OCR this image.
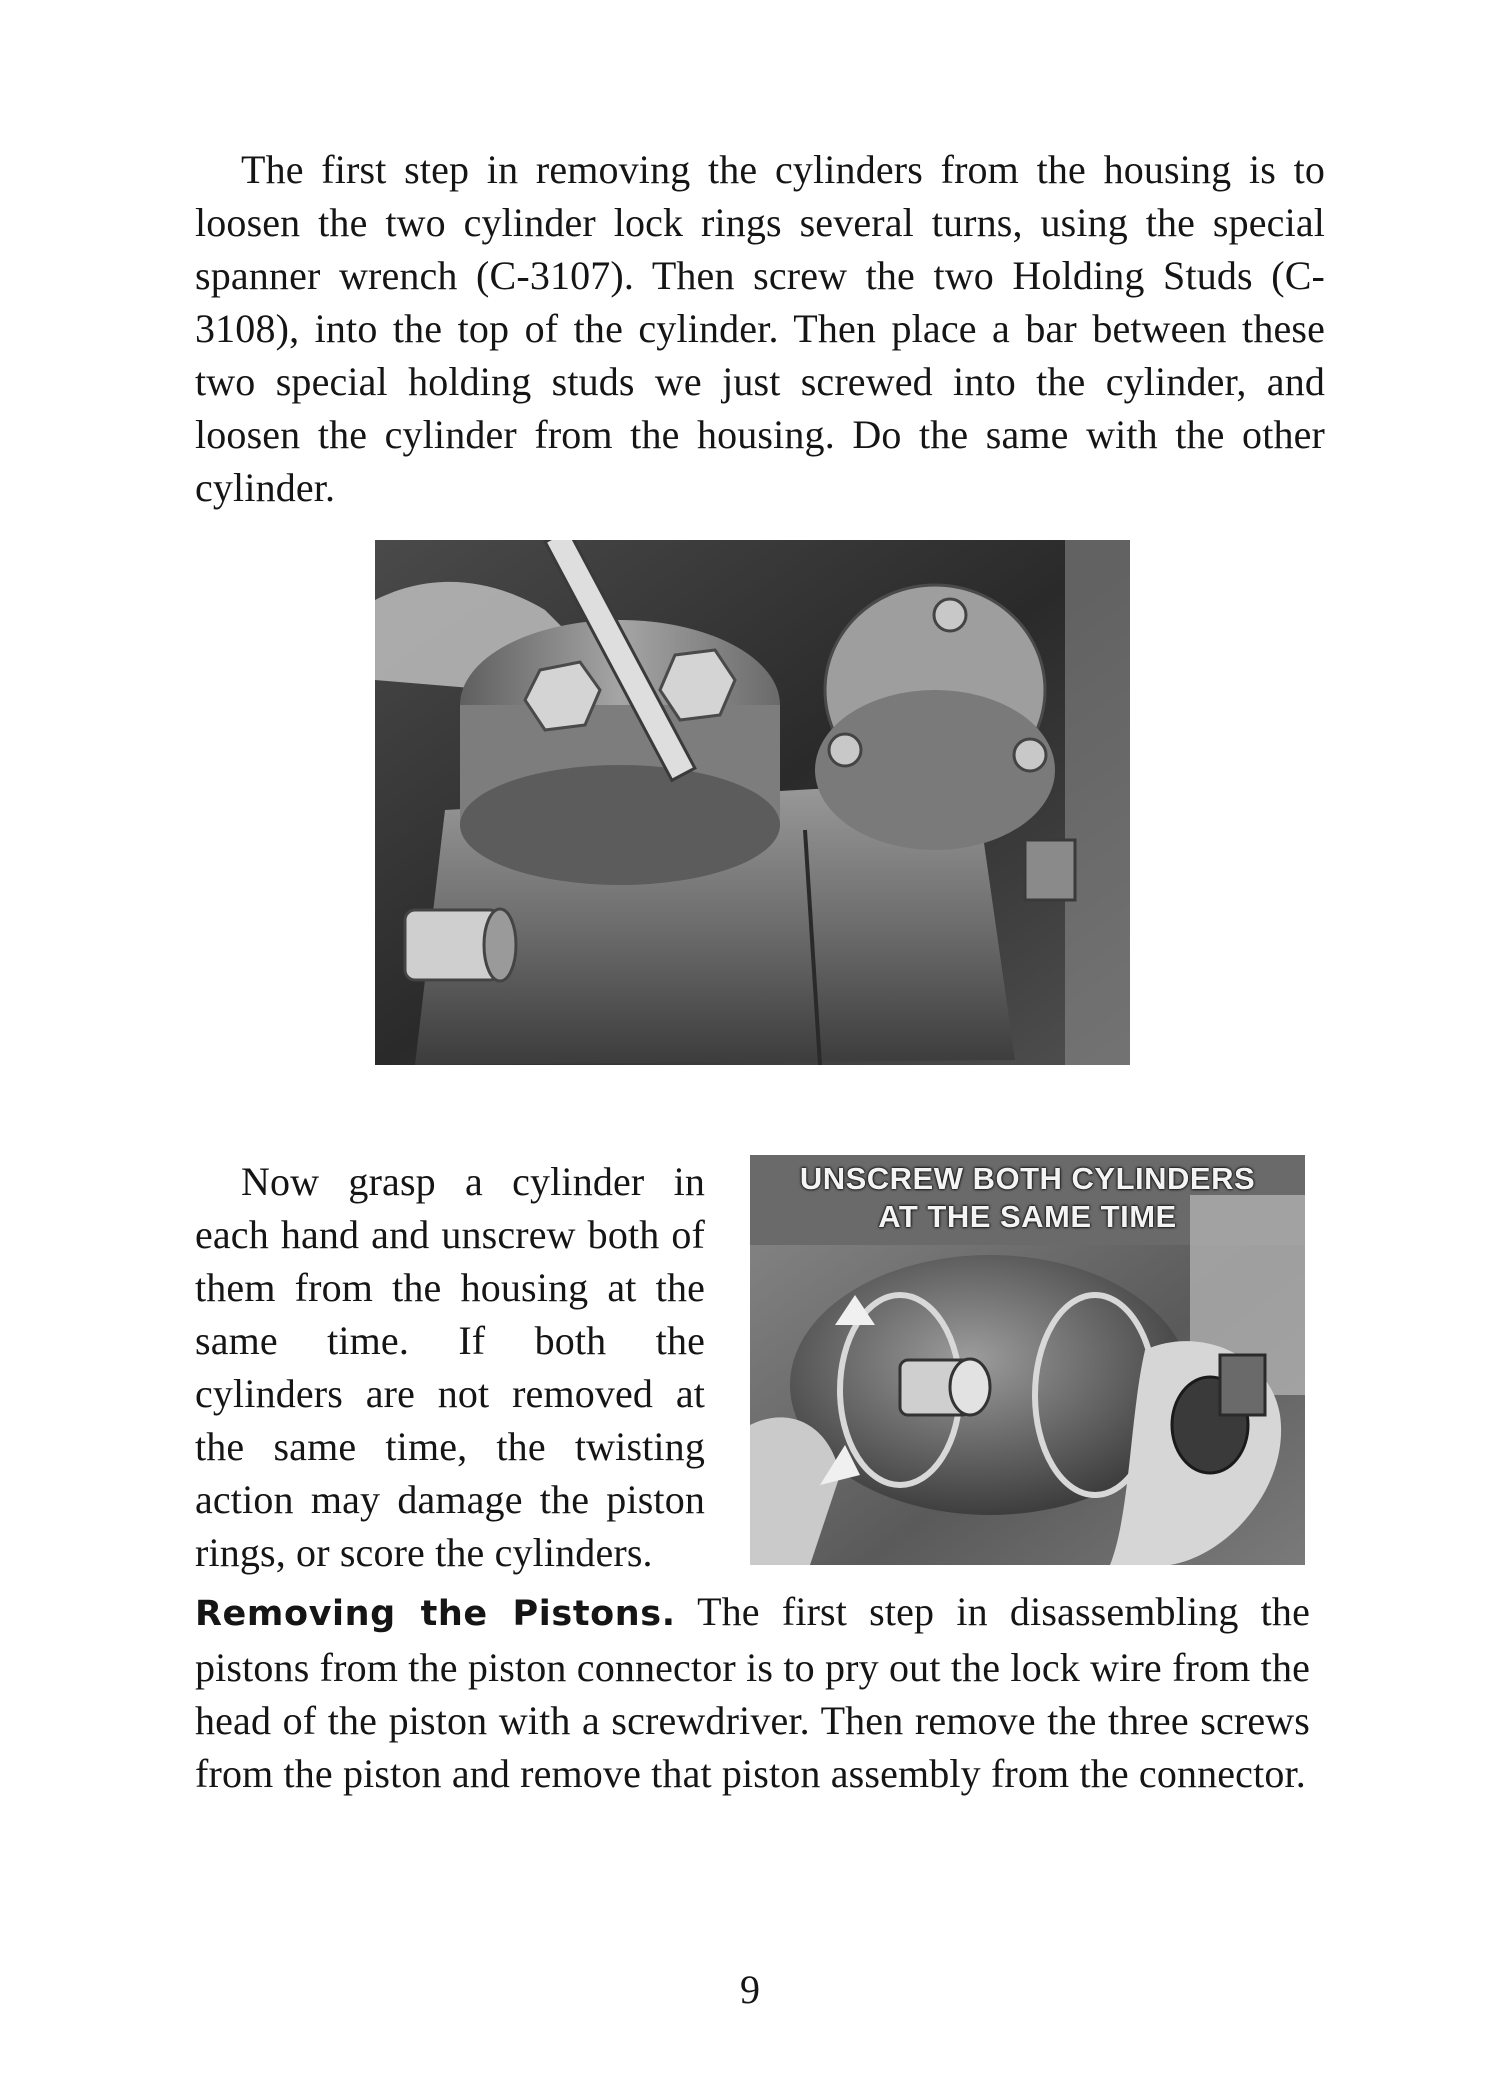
The first step in removing the cylinders from the housing is to loosen the two cylinder lock rings several turns, using the special spanner wrench (C-3107). Then screw the two Holding Studs (C-3108), into the top of the cylinder. Then place a bar between these two special holding studs we just screwed into the cylinder, and loosen the cylinder from the housing. Do the same with the other cylinder.

Now grasp a cylinder in each hand and unscrew both of them from the housing at the same time. If both the cylinders are not removed at the same time, the twisting action may damage the piston rings, or score the cylinders.

UNSCREW BOTH CYLINDERS
AT THE SAME TIME

Removing the Pistons. The first step in disassembling the pistons from the piston connector is to pry out the lock wire from the head of the piston with a screwdriver. Then remove the three screws from the piston and remove that piston assembly from the connector.

9
